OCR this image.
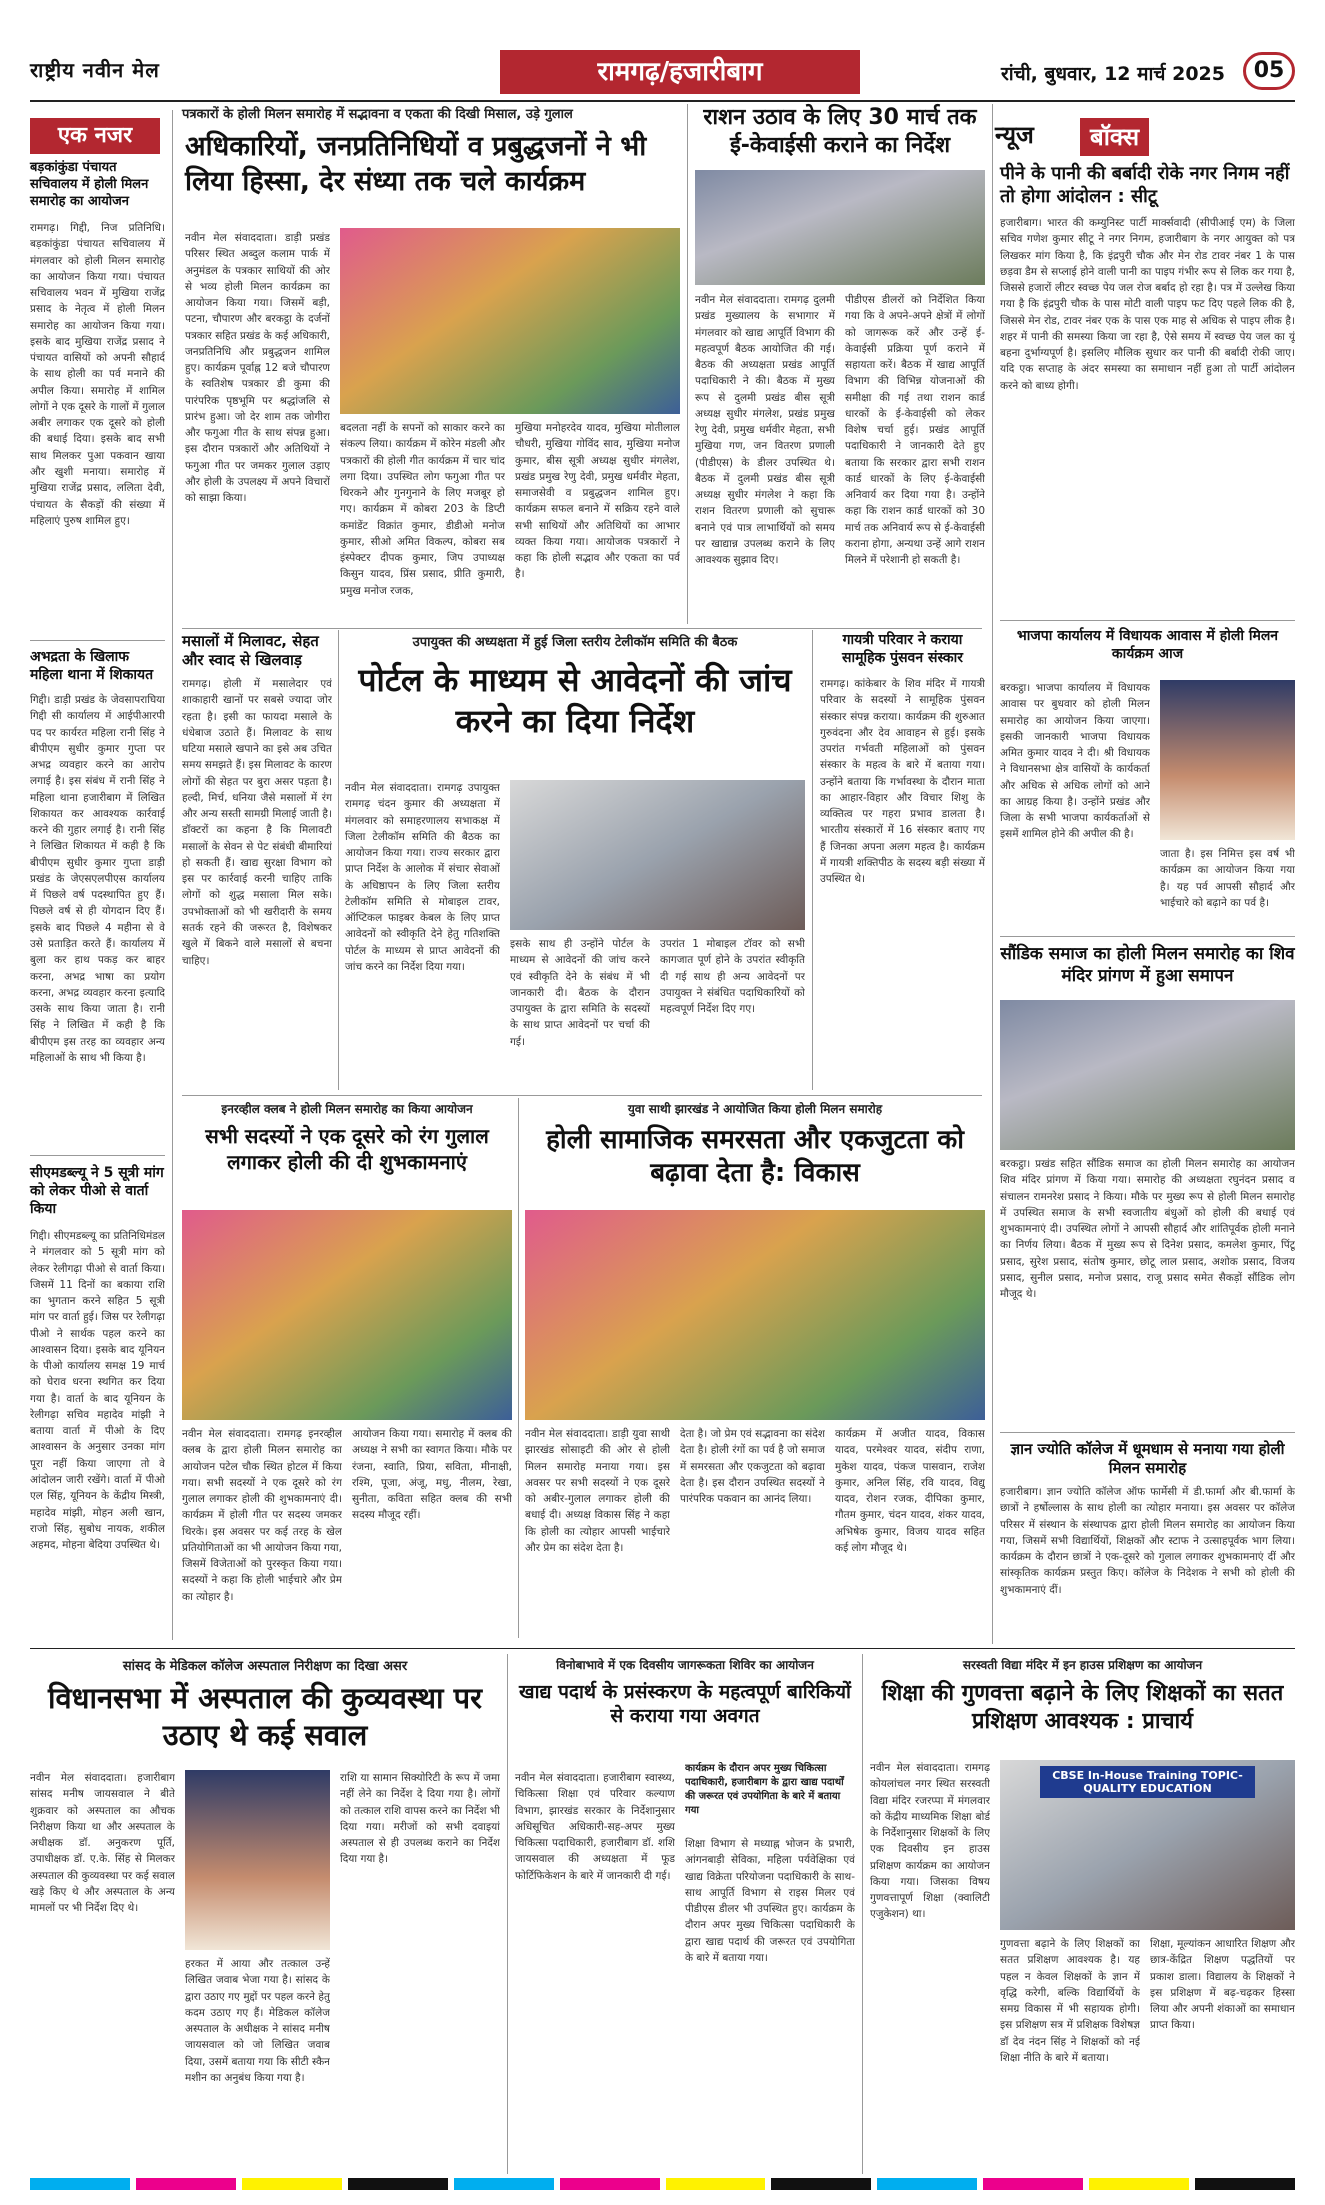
राष्ट्रीय नवीन मेल	रामगढ़/हजारीबाग	रांची, बुधवार, 12 मार्च 2025	05
एक नजर
बड़कांकुंडा पंचायत सचिवालय में होली मिलन समारोह का आयोजन
रामगढ़। गिद्दी, निज प्रतिनिधि। बड़कांकुंडा पंचायत सचिवालय में मंगलवार को होली मिलन समारोह का आयोजन किया गया। पंचायत सचिवालय भवन में मुखिया राजेंद्र प्रसाद के नेतृत्व में होली मिलन समारोह का आयोजन किया गया। इसके बाद मुखिया राजेंद्र प्रसाद ने पंचायत वासियों को अपनी सौहार्द के साथ होली का पर्व मनाने की अपील किया। समारोह में शामिल लोगों ने एक दूसरे के गालों में गुलाल अबीर लगाकर एक दूसरे को होली की बधाई दिया। इसके बाद सभी साथ मिलकर पुआ पकवान खाया और खुशी मनाया। समारोह में मुखिया राजेंद्र प्रसाद, ललिता देवी, पंचायत के सैकड़ों की संख्या में महिलाएं पुरुष शामिल हुए।
अभद्रता के खिलाफ महिला थाना में शिकायत
गिद्दी। डाड़ी प्रखंड के जेवसापराघिया गिद्दी सी कार्यालय में आईपीआरपी पद पर कार्यरत महिला रानी सिंह ने बीपीएम सुधीर कुमार गुप्ता पर अभद्र व्यवहार करने का आरोप लगाई है। इस संबंध में रानी सिंह ने महिला थाना हजारीबाग में लिखित शिकायत कर आवश्यक कार्रवाई करने की गुहार लगाई है। रानी सिंह ने लिखित शिकायत में कही है कि बीपीएम सुधीर कुमार गुप्ता डाड़ी प्रखंड के जेएसएलपीएस कार्यालय में पिछले वर्ष पदस्थापित हुए हैं। पिछले वर्ष से ही योगदान दिए हैं। इसके बाद पिछले 4 महीना से वे उसे प्रताड़ित करते हैं। कार्यालय में बुला कर हाथ पकड़ कर बाहर करना, अभद्र भाषा का प्रयोग करना, अभद्र व्यवहार करना इत्यादि उसके साथ किया जाता है। रानी सिंह ने लिखित में कही है कि बीपीएम इस तरह का व्यवहार अन्य महिलाओं के साथ भी किया है।
सीएमडब्ल्यू ने 5 सूत्री मांग को लेकर पीओ से वार्ता किया
गिद्दी। सीएमडब्ल्यू का प्रतिनिधिमंडल ने मंगलवार को 5 सूत्री मांग को लेकर रेलीगढ़ा पीओ से वार्ता किया। जिसमें 11 दिनों का बकाया राशि का भुगतान करने सहित 5 सूत्री मांग पर वार्ता हुई। जिस पर रेलीगढ़ा पीओ ने सार्थक पहल करने का आश्वासन दिया। इसके बाद यूनियन के पीओ कार्यालय समक्ष 19 मार्च को घेराव धरना स्थगित कर दिया गया है। वार्ता के बाद यूनियन के रेलीगढ़ा सचिव महादेव मांझी ने बताया वार्ता में पीओ के दिए आश्वासन के अनुसार उनका मांग पूरा नहीं किया जाएगा तो वे आंदोलन जारी रखेंगे। वार्ता में पीओ एल सिंह, यूनियन के केंद्रीय मिस्त्री, महादेव मांझी, मोहन अली खान, राजो सिंह, सुबोध नायक, शकील अहमद, मोहना बेदिया उपस्थित थे।
पत्रकारों के होली मिलन समारोह में सद्भावना व एकता की दिखी मिसाल, उड़े गुलाल
अधिकारियों, जनप्रतिनिधियों व प्रबुद्धजनों ने भी लिया हिस्सा, देर संध्या तक चले कार्यक्रम
नवीन मेल संवाददाता। डाड़ी प्रखंड परिसर स्थित अब्दुल कलाम पार्क में अनुमंडल के पत्रकार साथियों की ओर से भव्य होली मिलन कार्यक्रम का आयोजन किया गया। जिसमें बड़ी, पटना, चौपारण और बरकट्ठा के दर्जनों पत्रकार सहित प्रखंड के कई अधिकारी, जनप्रतिनिधि और प्रबुद्धजन शामिल हुए। कार्यक्रम पूर्वाह्न 12 बजे चौपारण के स्वतिशेष पत्रकार डी कुमा की पारंपरिक पृष्ठभूमि पर श्रद्धांजलि से प्रारंभ हुआ। जो देर शाम तक जोगीरा और फगुआ गीत के साथ संपन्न हुआ। इस दौरान पत्रकारों और अतिथियों ने फगुआ गीत पर जमकर गुलाल उड़ाए और होली के उपलक्ष्य में अपने विचारों को साझा किया।
बदलता नहीं के सपनों को साकार करने का संकल्प लिया। कार्यक्रम में कोरेन मंडली और पत्रकारों की होली गीत कार्यक्रम में चार चांद लगा दिया। उपस्थित लोग फगुआ गीत पर थिरकने और गुनगुनाने के लिए मजबूर हो गए। कार्यक्रम में कोबरा 203 के डिप्टी कमांडेंट विक्रांत कुमार, डीडीओ मनोज कुमार, सीओ अमित विकल्प, कोबरा सब इंस्पेक्टर दीपक कुमार, जिप उपाध्यक्ष किसुन यादव, प्रिंस प्रसाद, प्रीति कुमारी, प्रमुख मनोज रजक,
मुखिया मनोहरदेव यादव, मुखिया मोतीलाल चौधरी, मुखिया गोविंद साव, मुखिया मनोज कुमार, बीस सूत्री अध्यक्ष सुधीर मंगलेश, प्रखंड प्रमुख रेणु देवी, प्रमुख धर्मवीर मेहता, समाजसेवी व प्रबुद्धजन शामिल हुए। कार्यक्रम सफल बनाने में सक्रिय रहने वाले सभी साथियों और अतिथियों का आभार व्यक्त किया गया। आयोजक पत्रकारों ने कहा कि होली सद्भाव और एकता का पर्व है।
राशन उठाव के लिए 30 मार्च तक ई-केवाईसी कराने का निर्देश
नवीन मेल संवाददाता। रामगढ़ दुलमी प्रखंड मुख्यालय के सभागार में मंगलवार को खाद्य आपूर्ति विभाग की महत्वपूर्ण बैठक आयोजित की गई। बैठक की अध्यक्षता प्रखंड आपूर्ति पदाधिकारी ने की। बैठक में मुख्य रूप से दुलमी प्रखंड बीस सूत्री अध्यक्ष सुधीर मंगलेश, प्रखंड प्रमुख रेणु देवी, प्रमुख धर्मवीर मेहता, सभी मुखिया गण, जन वितरण प्रणाली (पीडीएस) के डीलर उपस्थित थे। बैठक में दुलमी प्रखंड बीस सूत्री अध्यक्ष सुधीर मंगलेश ने कहा कि राशन वितरण प्रणाली को सुचारू बनाने एवं पात्र लाभार्थियों को समय पर खाद्यान्न उपलब्ध कराने के लिए आवश्यक सुझाव दिए।
पीडीएस डीलरों को निर्देशित किया गया कि वे अपने-अपने क्षेत्रों में लोगों को जागरूक करें और उन्हें ई-केवाईसी प्रक्रिया पूर्ण कराने में सहायता करें। बैठक में खाद्य आपूर्ति विभाग की विभिन्न योजनाओं की समीक्षा की गई तथा राशन कार्ड धारकों के ई-केवाईसी को लेकर विशेष चर्चा हुई। प्रखंड आपूर्ति पदाधिकारी ने जानकारी देते हुए बताया कि सरकार द्वारा सभी राशन कार्ड धारकों के लिए ई-केवाईसी अनिवार्य कर दिया गया है। उन्होंने कहा कि राशन कार्ड धारकों को 30 मार्च तक अनिवार्य रूप से ई-केवाईसी कराना होगा, अन्यथा उन्हें आगे राशन मिलने में परेशानी हो सकती है।
न्यूज	बॉक्स
पीने के पानी की बर्बादी रोके नगर निगम नहीं तो होगा आंदोलन : सीटू
हजारीबाग। भारत की कम्युनिस्ट पार्टी मार्क्सवादी (सीपीआई एम) के जिला सचिव गणेश कुमार सीटू ने नगर निगम, हजारीबाग के नगर आयुक्त को पत्र लिखकर मांग किया है, कि इंद्रपुरी चौक और मेन रोड टावर नंबर 1 के पास छड़वा डैम से सप्लाई होने वाली पानी का पाइप गंभीर रूप से लिक कर गया है, जिससे हजारों लीटर स्वच्छ पेय जल रोज बर्बाद हो रहा है। पत्र में उल्लेख किया गया है कि इंद्रपुरी चौक के पास मोटी वाली पाइप फट दिए पहले लिक की है, जिससे मेन रोड, टावर नंबर एक के पास एक माह से अधिक से पाइप लीक है। शहर में पानी की समस्या किया जा रहा है, ऐसे समय में स्वच्छ पेय जल का यूं बहना दुर्भाग्यपूर्ण है। इसलिए मौलिक सुधार कर पानी की बर्बादी रोकी जाए। यदि एक सप्ताह के अंदर समस्या का समाधान नहीं हुआ तो पार्टी आंदोलन करने को बाध्य होगी।
भाजपा कार्यालय में विधायक आवास में होली मिलन कार्यक्रम आज
बरकट्ठा। भाजपा कार्यालय में विधायक आवास पर बुधवार को होली मिलन समारोह का आयोजन किया जाएगा। इसकी जानकारी भाजपा विधायक अमित कुमार यादव ने दी। श्री विधायक ने विधानसभा क्षेत्र वासियों के कार्यकर्ता और अधिक से अधिक लोगों को आने का आग्रह किया है। उन्होंने प्रखंड और जिला के सभी भाजपा कार्यकर्ताओं से इसमें शामिल होने की अपील की है।
जाता है। इस निमित्त इस वर्ष भी कार्यक्रम का आयोजन किया गया है। यह पर्व आपसी सौहार्द और भाईचारे को बढ़ाने का पर्व है।
सौंडिक समाज का होली मिलन समारोह का शिव मंदिर प्रांगण में हुआ समापन
बरकट्ठा। प्रखंड सहित सौंडिक समाज का होली मिलन समारोह का आयोजन शिव मंदिर प्रांगण में किया गया। समारोह की अध्यक्षता रघुनंदन प्रसाद व संचालन रामनरेश प्रसाद ने किया। मौके पर मुख्य रूप से होली मिलन समारोह में उपस्थित समाज के सभी स्वजातीय बंधुओं को होली की बधाई एवं शुभकामनाएं दी। उपस्थित लोगों ने आपसी सौहार्द और शांतिपूर्वक होली मनाने का निर्णय लिया। बैठक में मुख्य रूप से दिनेश प्रसाद, कमलेश कुमार, पिंटू प्रसाद, सुरेश प्रसाद, संतोष कुमार, छोटू लाल प्रसाद, अशोक प्रसाद, विजय प्रसाद, सुनील प्रसाद, मनोज प्रसाद, राजू प्रसाद समेत सैकड़ों सौंडिक लोग मौजूद थे।
ज्ञान ज्योति कॉलेज में धूमधाम से मनाया गया होली मिलन समारोह
हजारीबाग। ज्ञान ज्योति कॉलेज ऑफ फार्मेसी में डी.फार्मा और बी.फार्मा के छात्रों ने हर्षोल्लास के साथ होली का त्योहार मनाया। इस अवसर पर कॉलेज परिसर में संस्थान के संस्थापक द्वारा होली मिलन समारोह का आयोजन किया गया, जिसमें सभी विद्यार्थियों, शिक्षकों और स्टाफ ने उत्साहपूर्वक भाग लिया। कार्यक्रम के दौरान छात्रों ने एक-दूसरे को गुलाल लगाकर शुभकामनाएं दीं और सांस्कृतिक कार्यक्रम प्रस्तुत किए। कॉलेज के निदेशक ने सभी को होली की शुभकामनाएं दीं।
मसालों में मिलावट, सेहत और स्वाद से खिलवाड़
रामगढ़। होली में मसालेदार एवं शाकाहारी खानों पर सबसे ज्यादा जोर रहता है। इसी का फायदा मसाले के धंधेबाज उठाते हैं। मिलावट के साथ घटिया मसाले खपाने का इसे अब उचित समय समझते हैं। इस मिलावट के कारण लोगों की सेहत पर बुरा असर पड़ता है। हल्दी, मिर्च, धनिया जैसे मसालों में रंग और अन्य सस्ती सामग्री मिलाई जाती है। डॉक्टरों का कहना है कि मिलावटी मसालों के सेवन से पेट संबंधी बीमारियां हो सकती हैं। खाद्य सुरक्षा विभाग को इस पर कार्रवाई करनी चाहिए ताकि लोगों को शुद्ध मसाला मिल सके। उपभोक्ताओं को भी खरीदारी के समय सतर्क रहने की जरूरत है, विशेषकर खुले में बिकने वाले मसालों से बचना चाहिए।
उपायुक्त की अध्यक्षता में हुई जिला स्तरीय टेलीकॉम समिति की बैठक
पोर्टल के माध्यम से आवेदनों की जांच करने का दिया निर्देश
नवीन मेल संवाददाता। रामगढ़ उपायुक्त रामगढ़ चंदन कुमार की अध्यक्षता में मंगलवार को समाहरणालय सभाकक्ष में जिला टेलीकॉम समिति की बैठक का आयोजन किया गया। राज्य सरकार द्वारा प्राप्त निर्देश के आलोक में संचार सेवाओं के अधिष्ठापन के लिए जिला स्तरीय टेलीकॉम समिति से मोबाइल टावर, ऑप्टिकल फाइबर केबल के लिए प्राप्त आवेदनों को स्वीकृति देने हेतु गतिशक्ति पोर्टल के माध्यम से प्राप्त आवेदनों की जांच करने का निर्देश दिया गया।
इसके साथ ही उन्होंने पोर्टल के माध्यम से आवेदनों की जांच करने एवं स्वीकृति देने के संबंध में भी जानकारी दी। बैठक के दौरान उपायुक्त के द्वारा समिति के सदस्यों के साथ प्राप्त आवेदनों पर चर्चा की गई।
उपरांत 1 मोबाइल टॉवर को सभी कागजात पूर्ण होने के उपरांत स्वीकृति दी गई साथ ही अन्य आवेदनों पर उपायुक्त ने संबंधित पदाधिकारियों को महत्वपूर्ण निर्देश दिए गए।
गायत्री परिवार ने कराया सामूहिक पुंसवन संस्कार
रामगढ़। कांकेबार के शिव मंदिर में गायत्री परिवार के सदस्यों ने सामूहिक पुंसवन संस्कार संपन्न कराया। कार्यक्रम की शुरुआत गुरुवंदना और देव आवाहन से हुई। इसके उपरांत गर्भवती महिलाओं को पुंसवन संस्कार के महत्व के बारे में बताया गया। उन्होंने बताया कि गर्भावस्था के दौरान माता का आहार-विहार और विचार शिशु के व्यक्तित्व पर गहरा प्रभाव डालता है। भारतीय संस्कारों में 16 संस्कार बताए गए हैं जिनका अपना अलग महत्व है। कार्यक्रम में गायत्री शक्तिपीठ के सदस्य बड़ी संख्या में उपस्थित थे।
इनरव्हील क्लब ने होली मिलन समारोह का किया आयोजन
सभी सदस्यों ने एक दूसरे को रंग गुलाल लगाकर होली की दी शुभकामनाएं
नवीन मेल संवाददाता। रामगढ़ इनरव्हील क्लब के द्वारा होली मिलन समारोह का आयोजन पटेल चौक स्थित होटल में किया गया। सभी सदस्यों ने एक दूसरे को रंग गुलाल लगाकर होली की शुभकामनाएं दी। कार्यक्रम में होली गीत पर सदस्य जमकर थिरके। इस अवसर पर कई तरह के खेल प्रतियोगिताओं का भी आयोजन किया गया, जिसमें विजेताओं को पुरस्कृत किया गया। सदस्यों ने कहा कि होली भाईचारे और प्रेम का त्योहार है।
आयोजन किया गया। समारोह में क्लब की अध्यक्ष ने सभी का स्वागत किया। मौके पर रंजना, स्वाति, प्रिया, सविता, मीनाक्षी, रश्मि, पूजा, अंजू, मधु, नीलम, रेखा, सुनीता, कविता सहित क्लब की सभी सदस्य मौजूद रहीं।
युवा साथी झारखंड ने आयोजित किया होली मिलन समारोह
होली सामाजिक समरसता और एकजुटता को बढ़ावा देता है: विकास
नवीन मेल संवाददाता। डाड़ी युवा साथी झारखंड सोसाइटी की ओर से होली मिलन समारोह मनाया गया। इस अवसर पर सभी सदस्यों ने एक दूसरे को अबीर-गुलाल लगाकर होली की बधाई दी। अध्यक्ष विकास सिंह ने कहा कि होली का त्योहार आपसी भाईचारे और प्रेम का संदेश देता है।
देता है। जो प्रेम एवं सद्भावना का संदेश देता है। होली रंगों का पर्व है जो समाज में समरसता और एकजुटता को बढ़ावा देता है। इस दौरान उपस्थित सदस्यों ने पारंपरिक पकवान का आनंद लिया।
कार्यक्रम में अजीत यादव, विकास यादव, परमेश्वर यादव, संदीप राणा, मुकेश यादव, पंकज पासवान, राजेश कुमार, अनिल सिंह, रवि यादव, विद्यु यादव, रोशन रजक, दीपिका कुमार, गौतम कुमार, चंदन यादव, शंकर यादव, अभिषेक कुमार, विजय यादव सहित कई लोग मौजूद थे।
सांसद के मेडिकल कॉलेज अस्पताल निरीक्षण का दिखा असर
विधानसभा में अस्पताल की कुव्यवस्था पर उठाए थे कई सवाल
नवीन मेल संवाददाता। हजारीबाग सांसद मनीष जायसवाल ने बीते शुक्रवार को अस्पताल का औचक निरीक्षण किया था और अस्पताल के अधीक्षक डॉ. अनुकरण पूर्ति, उपाधीक्षक डॉ. ए.के. सिंह से मिलकर अस्पताल की कुव्यवस्था पर कई सवाल खड़े किए थे और अस्पताल के अन्य मामलों पर भी निर्देश दिए थे।
हरकत में आया और तत्काल उन्हें लिखित जवाब भेजा गया है। सांसद के द्वारा उठाए गए मुद्दों पर पहल करने हेतु कदम उठाए गए हैं। मेडिकल कॉलेज अस्पताल के अधीक्षक ने सांसद मनीष जायसवाल को जो लिखित जवाब दिया, उसमें बताया गया कि सीटी स्कैन मशीन का अनुबंध किया गया है।
राशि या सामान सिक्योरिटी के रूप में जमा नहीं लेने का निर्देश दे दिया गया है। लोगों को तत्काल राशि वापस करने का निर्देश भी दिया गया। मरीजों को सभी दवाइयां अस्पताल से ही उपलब्ध कराने का निर्देश दिया गया है।
विनोबाभावे में एक दिवसीय जागरूकता शिविर का आयोजन
खाद्य पदार्थ के प्रसंस्करण के महत्वपूर्ण बारिकियों से कराया गया अवगत
नवीन मेल संवाददाता। हजारीबाग स्वास्थ्य, चिकित्सा शिक्षा एवं परिवार कल्याण विभाग, झारखंड सरकार के निर्देशानुसार अधिसूचित अधिकारी-सह-अपर मुख्य चिकित्सा पदाधिकारी, हजारीबाग डॉ. शशि जायसवाल की अध्यक्षता में फूड फोर्टिफिकेशन के बारे में जानकारी दी गई।
कार्यक्रम के दौरान अपर मुख्य चिकित्सा पदाधिकारी, हजारीबाग के द्वारा खाद्य पदार्थों की जरूरत एवं उपयोगिता के बारे में बताया गया
शिक्षा विभाग से मध्याह्न भोजन के प्रभारी, आंगनबाड़ी सेविका, महिला पर्यवेक्षिका एवं खाद्य विक्रेता परियोजना पदाधिकारी के साथ-साथ आपूर्ति विभाग से राइस मिलर एवं पीडीएस डीलर भी उपस्थित हुए। कार्यक्रम के दौरान अपर मुख्य चिकित्सा पदाधिकारी के द्वारा खाद्य पदार्थ की जरूरत एवं उपयोगिता के बारे में बताया गया।
सरस्वती विद्या मंदिर में इन हाउस प्रशिक्षण का आयोजन
शिक्षा की गुणवत्ता बढ़ाने के लिए शिक्षकों का सतत प्रशिक्षण आवश्यक : प्राचार्य
नवीन मेल संवाददाता। रामगढ़ कोयलांचल नगर स्थित सरस्वती विद्या मंदिर रजरप्पा में मंगलवार को केंद्रीय माध्यमिक शिक्षा बोर्ड के निर्देशानुसार शिक्षकों के लिए एक दिवसीय इन हाउस प्रशिक्षण कार्यक्रम का आयोजन किया गया। जिसका विषय गुणवत्तापूर्ण शिक्षा (क्वालिटी एजुकेशन) था।
CBSE In-House Training TOPIC- QUALITY EDUCATION
गुणवत्ता बढ़ाने के लिए शिक्षकों का सतत प्रशिक्षण आवश्यक है। यह पहल न केवल शिक्षकों के ज्ञान में वृद्धि करेगी, बल्कि विद्यार्थियों के समग्र विकास में भी सहायक होगी। इस प्रशिक्षण सत्र में प्रशिक्षक विशेषज्ञ डॉ देव नंदन सिंह ने शिक्षकों को नई शिक्षा नीति के बारे में बताया।
शिक्षा, मूल्यांकन आधारित शिक्षण और छात्र-केंद्रित शिक्षण पद्धतियों पर प्रकाश डाला। विद्यालय के शिक्षकों ने इस प्रशिक्षण में बढ़-चढ़कर हिस्सा लिया और अपनी शंकाओं का समाधान प्राप्त किया।
